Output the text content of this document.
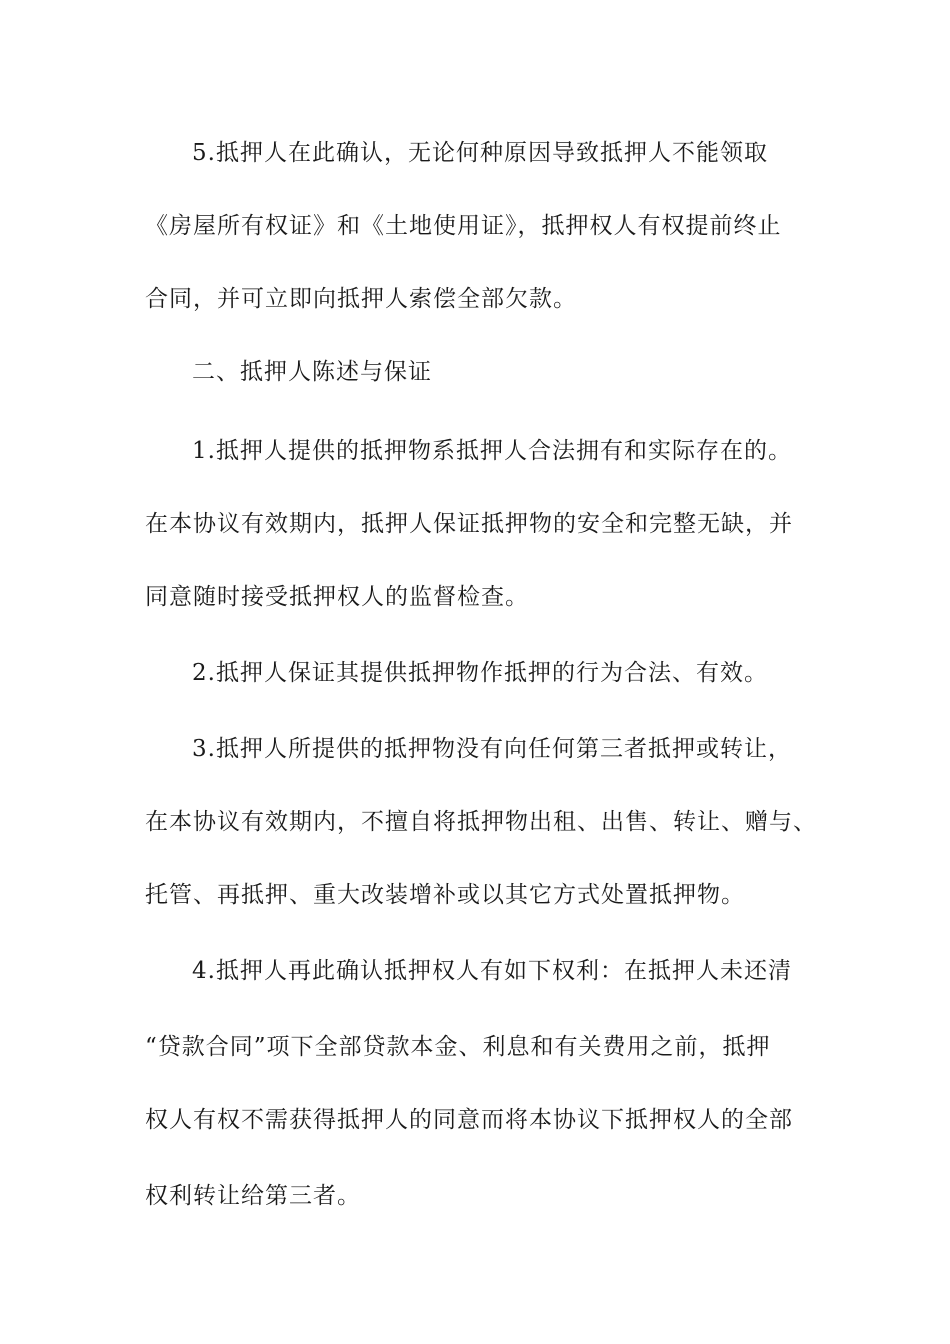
5.抵押人在此确认，无论何种原因导致抵押人不能领取
《房屋所有权证》和《土地使用证》，抵押权人有权提前终止
合同，并可立即向抵押人索偿全部欠款。
二、抵押人陈述与保证
1.抵押人提供的抵押物系抵押人合法拥有和实际存在的。
在本协议有效期内，抵押人保证抵押物的安全和完整无缺，并
同意随时接受抵押权人的监督检查。
2.抵押人保证其提供抵押物作抵押的行为合法、有效。
3.抵押人所提供的抵押物没有向任何第三者抵押或转让，
在本协议有效期内，不擅自将抵押物出租、出售、转让、赠与、
托管、再抵押、重大改装增补或以其它方式处置抵押物。
4.抵押人再此确认抵押权人有如下权利：在抵押人未还清
“贷款合同”项下全部贷款本金、利息和有关费用之前，抵押
权人有权不需获得抵押人的同意而将本协议下抵押权人的全部
权利转让给第三者。
